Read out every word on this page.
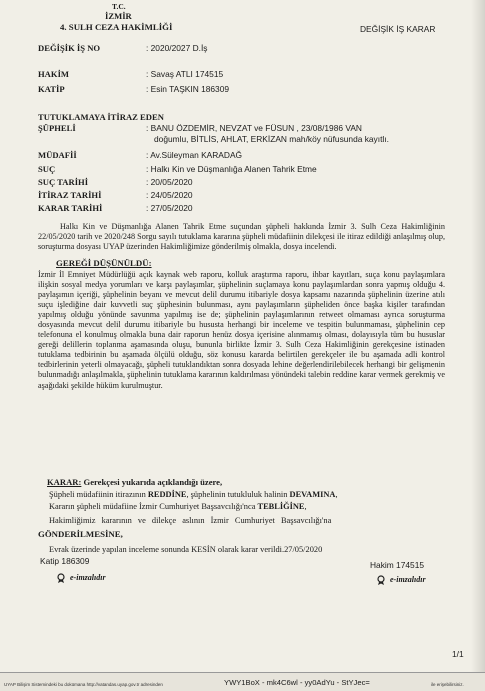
T.C.
İZMİR
4. SULH CEZA HAKİMLİĞİ	DEĞİŞİK İŞ KARAR
DEĞİŞİK İŞ NO	: 2020/2027 D.İş
HAKİM	: Savaş ATLI 174515
KATİP	: Esin TAŞKIN 186309
TUTUKLAMAYA İTİRAZ EDEN
ŞÜPHELİ	: BANU ÖZDEMİR, NEVZAT ve FÜSUN , 23/08/1986 VAN
doğumlu, BİTLİS, AHLAT, ERKİZAN mah/köy nüfusunda kayıtlı.
MÜDAFİİ	: Av.Süleyman KARADAĞ
SUÇ	: Halkı Kin ve Düşmanlığa Alanen Tahrik Etme
SUÇ TARİHİ	: 20/05/2020
İTİRAZ TARİHİ	: 24/05/2020
KARAR TARİHİ	: 27/05/2020
Halkı Kin ve Düşmanlığa Alanen Tahrik Etme suçundan şüpheli hakkında İzmir 3. Sulh Ceza Hakimliğinin 22/05/2020 tarih ve 2020/248 Sorgu sayılı tutuklama kararına şüpheli müdafiinin dilekçesi ile itiraz edildiği anlaşılmış olup, soruşturma dosyası UYAP üzerinden Hakimliğimize gönderilmiş olmakla, dosya incelendi.
GEREĞİ DÜŞÜNÜLDÜ:
İzmir İl Emniyet Müdürlüğü açık kaynak web raporu, kolluk araştırma raporu, ihbar kayıtları, suça konu paylaşımlara ilişkin sosyal medya yorumları ve karşı paylaşımlar, şüphelinin suçlamaya konu paylaşımlardan sonra yapmış olduğu 4. paylaşımın içeriği, şüphelinin beyanı ve mevcut delil durumu itibariyle dosya kapsamı nazarında şüphelinin üzerine atılı suçu işlediğine dair kuvvetli suç şüphesinin bulunması, aynı paylaşımların şüpheliden önce başka kişiler tarafından yapılmış olduğu yönünde savunma yapılmış ise de; şüphelinin paylaşımlarının retweet olmaması ayrıca soruşturma dosyasında mevcut delil durumu itibariyle bu hususta herhangi bir inceleme ve tespitin bulunmaması, şüphelinin cep telefonuna el konulmuş olmakla buna dair raporun henüz dosya içerisine alınmamış olması, dolayısıyla tüm bu hususlar gereği delillerin toplanma aşamasında oluşu, bununla birlikte İzmir 3. Sulh Ceza Hakimliğinin gerekçesine istinaden tutuklama tedbirinin bu aşamada ölçülü olduğu, söz konusu kararda belirtilen gerekçeler ile bu aşamada adli kontrol tedbirlerinin yeterli olmayacağı, şüpheli tutuklandıktan sonra dosyada lehine değerlendirilebilecek herhangi bir gelişmenin bulunmadığı anlaşılmakla, şüphelinin tutuklama kararının kaldırılması yönündeki talebin reddine karar vermek gerekmiş ve aşağıdaki şekilde hüküm kurulmuştur.
KARAR: Gerekçesi yukarıda açıklandığı üzere,
Şüpheli müdafiinin itirazının REDDİNE, şüphelinin tutukluluk halinin DEVAMINA,
Kararın şüpheli müdafiine İzmir Cumhuriyet Başsavcılığı'nca TEBLİĞİNE,
Hakimliğimiz kararının ve dilekçe aslının İzmir Cumhuriyet Başsavcılığı'na
GÖNDERİLMESİNE,
Evrak üzerinde yapılan inceleme sonunda KESİN olarak karar verildi.27/05/2020
Katip 186309	Hakim 174515
e-imzalıdır	e-imzalıdır
1/1
UYAP Bilişim Sistemindeki bu dokümana http://vatandas.uyap.gov.tr adresinden	YWY1BoX - mk4C6wl - yy0AdYu - StYJec=	ile erişebilirsiniz.
